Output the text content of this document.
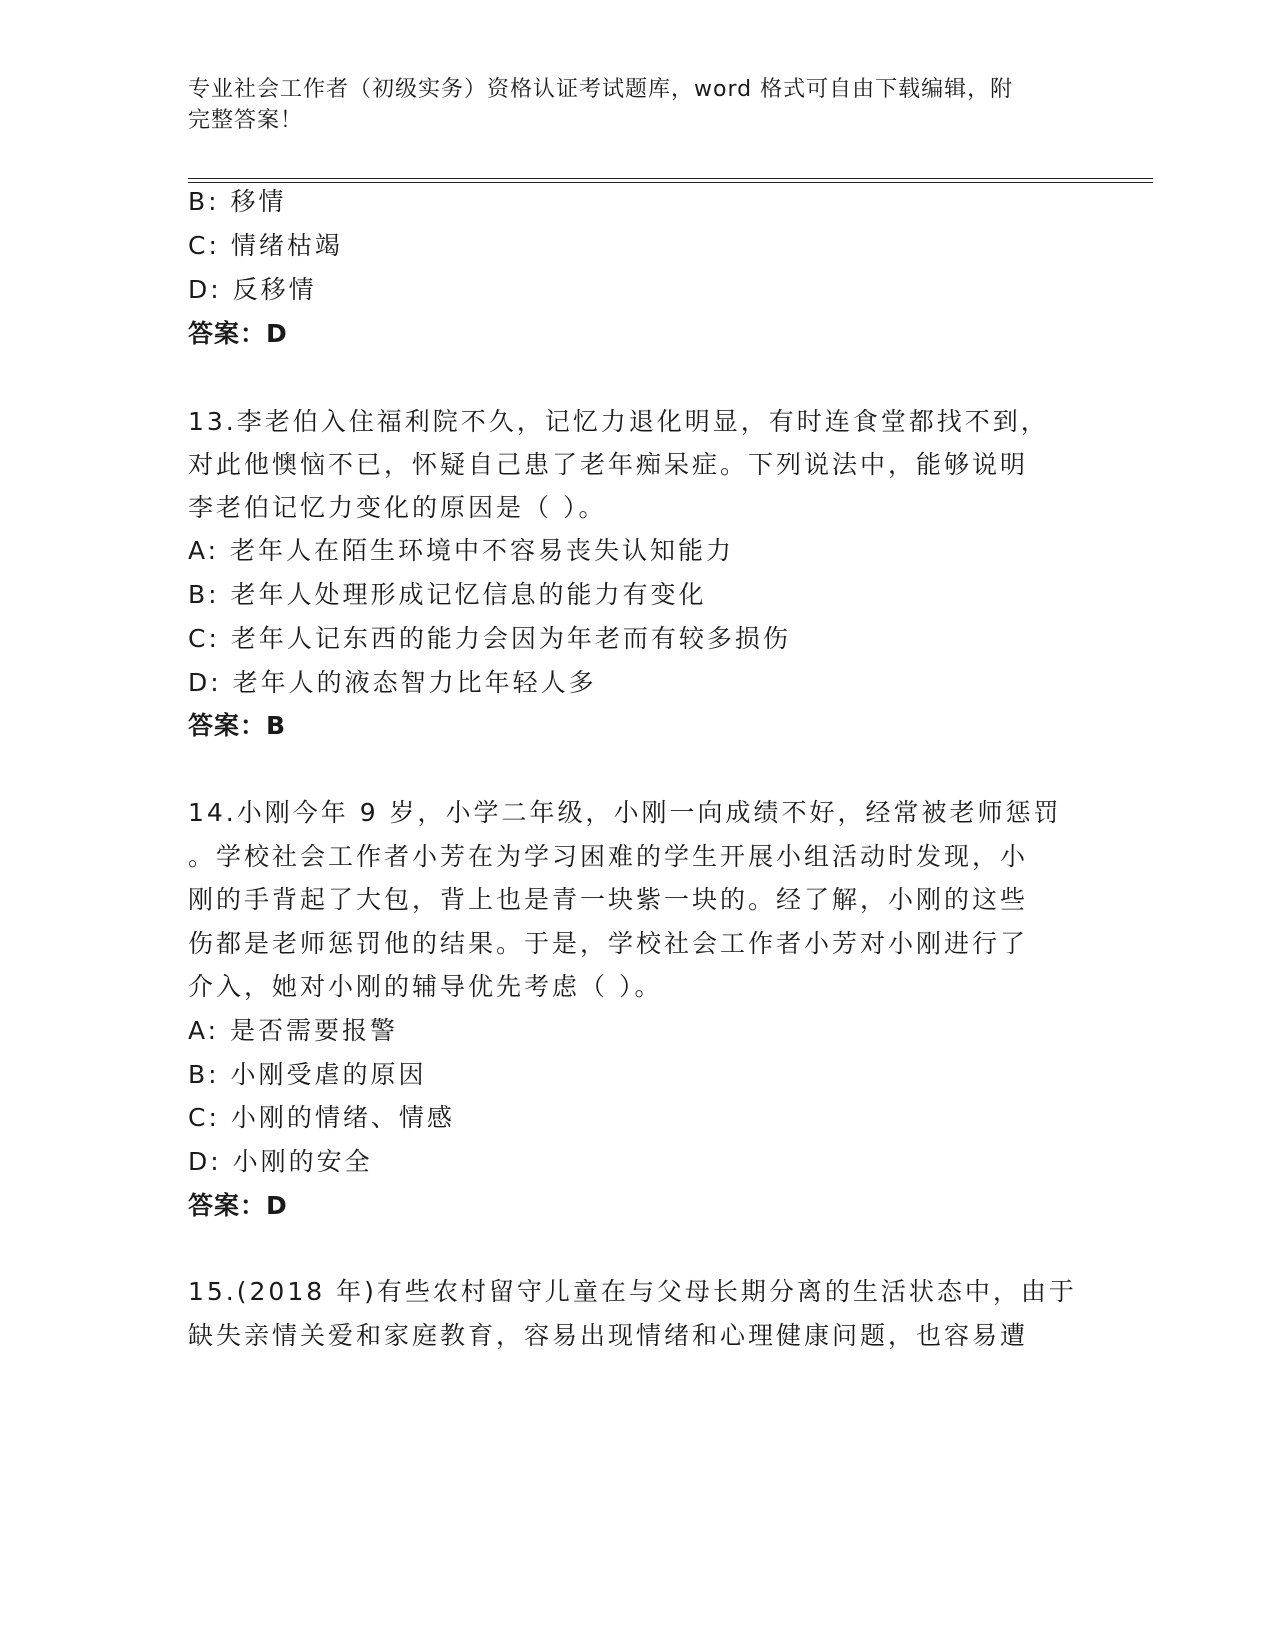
专业社会工作者（初级实务）资格认证考试题库，word 格式可自由下载编辑，附
完整答案！
B: 移情
C: 情绪枯竭
D: 反移情
答案：D
13.李老伯入住福利院不久，记忆力退化明显，有时连食堂都找不到，
对此他懊恼不已，怀疑自己患了老年痴呆症。下列说法中，能够说明
李老伯记忆力变化的原因是（ ）。
A: 老年人在陌生环境中不容易丧失认知能力
B: 老年人处理形成记忆信息的能力有变化
C: 老年人记东西的能力会因为年老而有较多损伤
D: 老年人的液态智力比年轻人多
答案：B
14.小刚今年 9 岁，小学二年级，小刚一向成绩不好，经常被老师惩罚
。学校社会工作者小芳在为学习困难的学生开展小组活动时发现，小
刚的手背起了大包，背上也是青一块紫一块的。经了解，小刚的这些
伤都是老师惩罚他的结果。于是，学校社会工作者小芳对小刚进行了
介入，她对小刚的辅导优先考虑（ ）。
A: 是否需要报警
B: 小刚受虐的原因
C: 小刚的情绪、情感
D: 小刚的安全
答案：D
15.(2018 年)有些农村留守儿童在与父母长期分离的生活状态中，由于
缺失亲情关爱和家庭教育，容易出现情绪和心理健康问题，也容易遭
